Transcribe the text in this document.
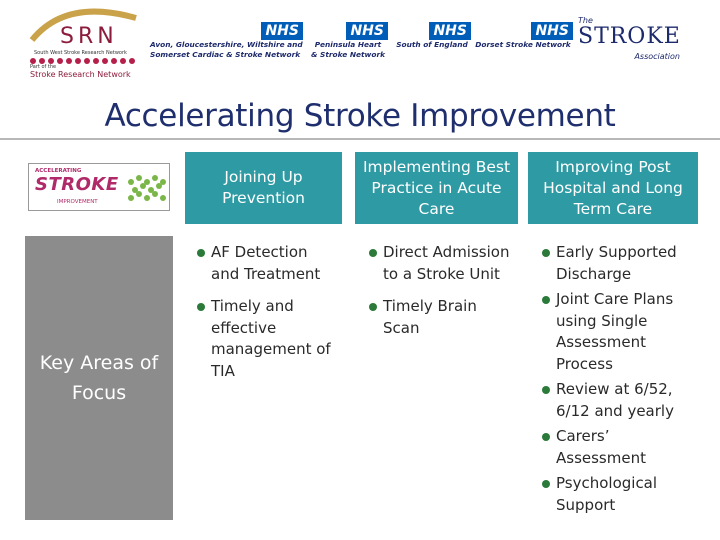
SRN
South West Stroke Research Network
Part of the
Stroke Research Network
NHS
Avon, Gloucestershire, Wiltshire and
Somerset Cardiac & Stroke Network
NHS
Peninsula Heart
& Stroke Network
NHS
South of England
NHS
Dorset Stroke Network
The
STROKE
Association
Accelerating Stroke Improvement
ACCELERATING
STROKE
IMPROVEMENT
Key Areas of Focus
Joining Up Prevention
Implementing Best Practice in Acute Care
Improving Post Hospital and Long Term Care
AF Detection and Treatment
Timely and effective management of TIA
Direct Admission to a Stroke Unit
Timely Brain Scan
Early Supported Discharge
Joint Care Plans using Single Assessment Process
Review at 6/52, 6/12 and yearly
Carers’ Assessment
Psychological Support
